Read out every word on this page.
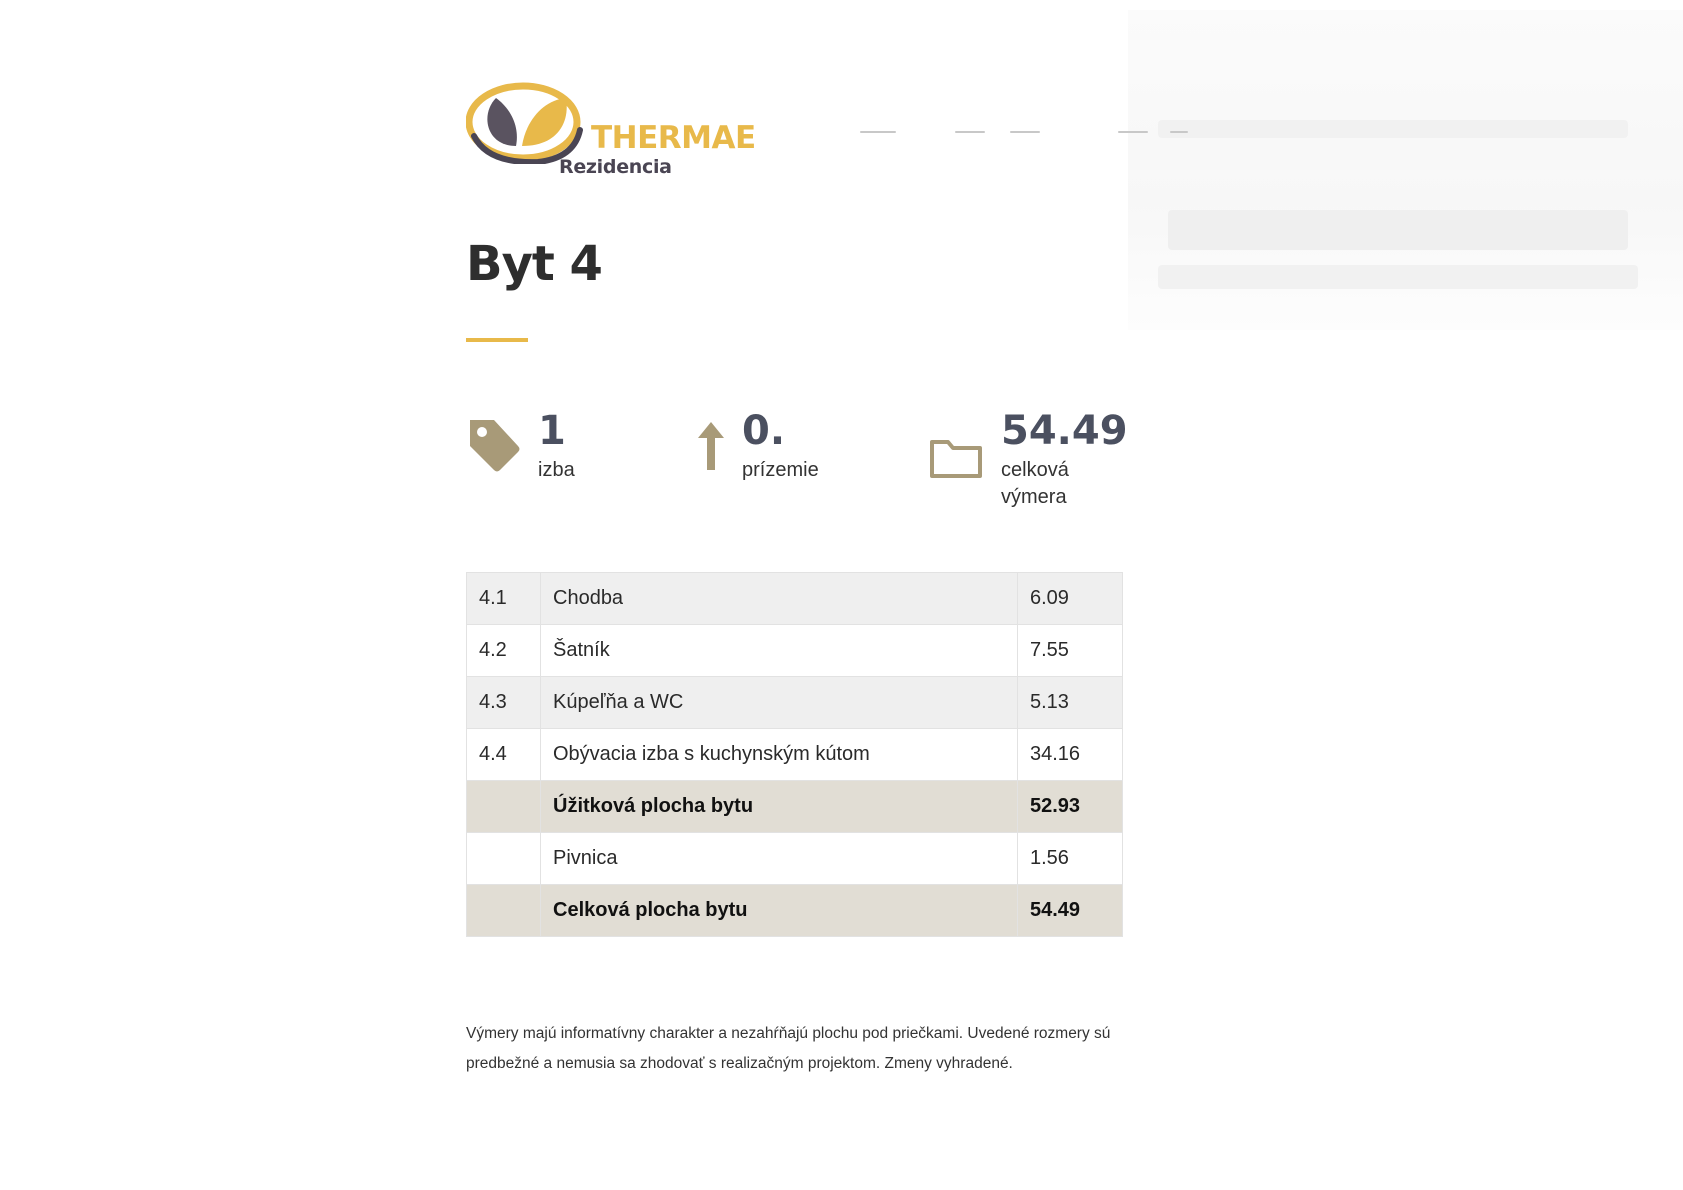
THERMAE
Rezidencia
Byt 4
1
izba
0.
prízemie
54.49
celková výmera
4.1	Chodba	6.09
4.2	Šatník	7.55
4.3	Kúpeľňa a WC	5.13
4.4	Obývacia izba s kuchynským kútom	34.16
	Úžitková plocha bytu	52.93
	Pivnica	1.56
	Celková plocha bytu	54.49

Výmery majú informatívny charakter a nezahŕňajú plochu pod priečkami. Uvedené rozmery sú predbežné a nemusia sa zhodovať s realizačným projektom. Zmeny vyhradené.
